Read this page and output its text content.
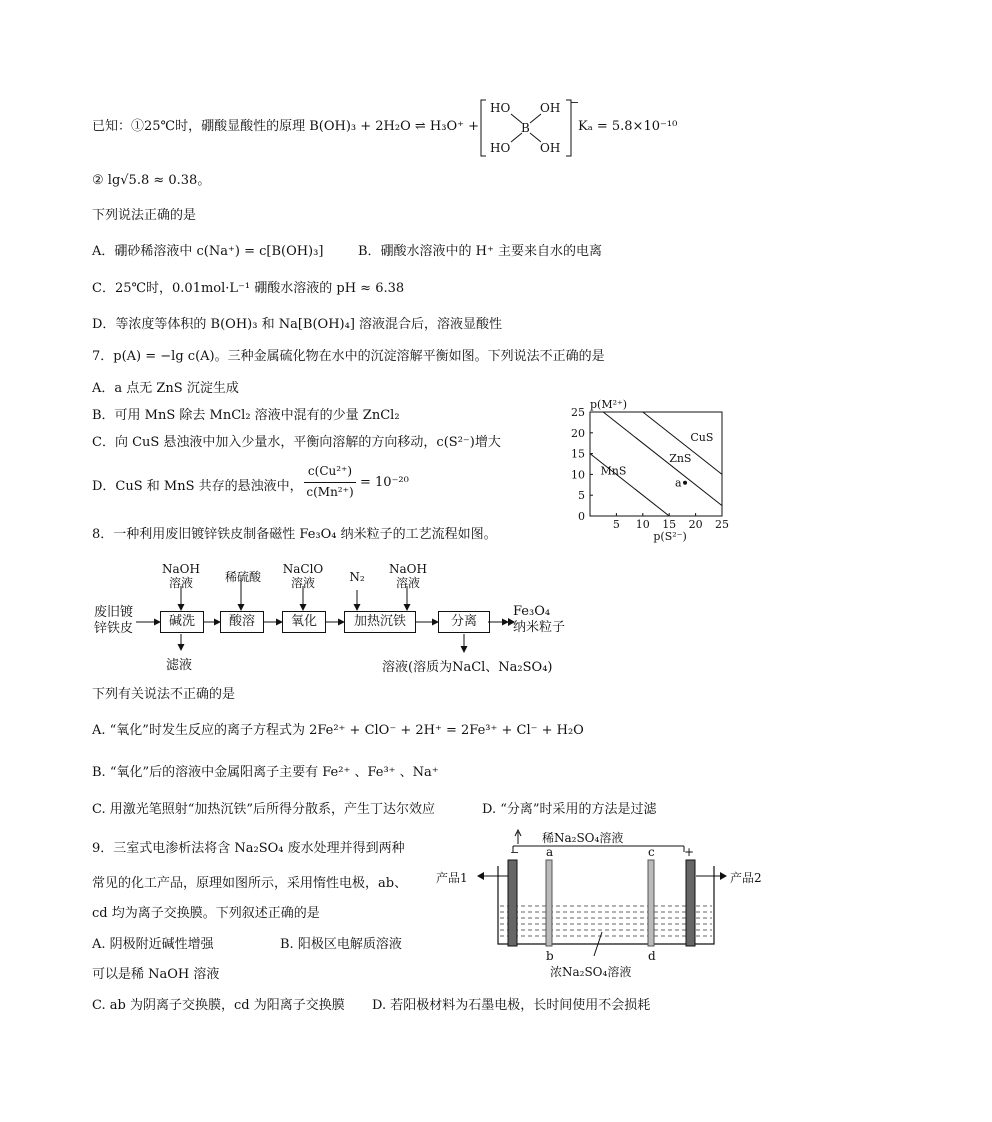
已知：①25℃时，硼酸显酸性的原理 B(OH)₃ + 2H₂O ⇌ H₃O⁺ +
HO OH
B
HO OH
−
Kₐ = 5.8×10⁻¹⁰
② lg√5.8 ≈ 0.38。
下列说法正确的是
A．硼砂稀溶液中 c(Na⁺) = c[B(OH)₃]	B．硼酸水溶液中的 H⁺ 主要来自水的电离
C．25℃时，0.01mol·L⁻¹ 硼酸水溶液的 pH ≈ 6.38
D．等浓度等体积的 B(OH)₃ 和 Na[B(OH)₄] 溶液混合后，溶液显酸性
7．p(A) = −lg c(A)。三种金属硫化物在水中的沉淀溶解平衡如图。下列说法不正确的是
A．a 点无 ZnS 沉淀生成
B．可用 MnS 除去 MnCl₂ 溶液中混有的少量 ZnCl₂
C．向 CuS 悬浊液中加入少量水，平衡向溶解的方向移动，c(S²⁻)增大
D．CuS 和 MnS 共存的悬浊液中，
c(Cu²⁺)
c(Mn²⁺)
= 10⁻²⁰
5 10 15 20 25
25
20
15
10
5
0
p(M²⁺)
p(S²⁻)
CuS
ZnS
MnS
a
8．一种利用废旧镀锌铁皮制备磁性 Fe₃O₄ 纳米粒子的工艺流程如图。
废旧镀
锌铁皮
NaOH
溶液	稀硫酸
NaClO
溶液	N₂
NaOH
溶液
碱洗	酸溶	氧化	加热沉铁	分离
Fe₃O₄
纳米粒子
滤液	溶液(溶质为NaCl、Na₂SO₄)
下列有关说法不正确的是
A. “氧化”时发生反应的离子方程式为 2Fe²⁺ + ClO⁻ + 2H⁺ = 2Fe³⁺ + Cl⁻ + H₂O
B. “氧化”后的溶液中金属阳离子主要有 Fe²⁺ 、Fe³⁺ 、Na⁺
C. 用激光笔照射“加热沉铁”后所得分散系，产生丁达尔效应	D. “分离”时采用的方法是过滤
9．三室式电渗析法将含 Na₂SO₄ 废水处理并得到两种
常见的化工产品，原理如图所示，采用惰性电极，ab、
cd 均为离子交换膜。下列叙述正确的是
A. 阴极附近碱性增强	B. 阳极区电解质溶液
可以是稀 NaOH 溶液
C. ab 为阴离子交换膜，cd 为阳离子交换膜 D. 若阳极材料为石墨电极，长时间使用不会损耗
稀Na₂SO₄溶液
−	+
a	c
b	d
浓Na₂SO₄溶液
产品1	产品2
